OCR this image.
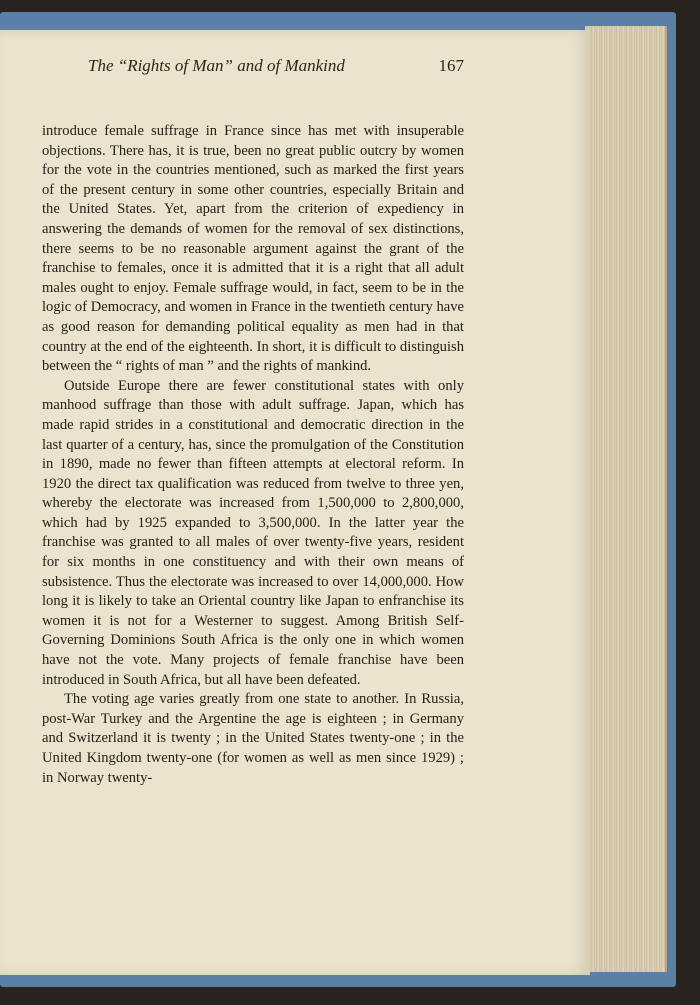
The “Rights of Man” and of Mankind	167

introduce female suffrage in France since has met with insuperable objections. There has, it is true, been no great public outcry by women for the vote in the countries mentioned, such as marked the first years of the present century in some other countries, especially Britain and the United States. Yet, apart from the criterion of expediency in answering the demands of women for the removal of sex distinctions, there seems to be no reasonable argument against the grant of the franchise to females, once it is admitted that it is a right that all adult males ought to enjoy. Female suffrage would, in fact, seem to be in the logic of Democracy, and women in France in the twentieth century have as good reason for demanding political equality as men had in that country at the end of the eighteenth. In short, it is difficult to distinguish between the “ rights of man ” and the rights of mankind.

Outside Europe there are fewer constitutional states with only manhood suffrage than those with adult suffrage. Japan, which has made rapid strides in a constitutional and democratic direction in the last quarter of a century, has, since the promulgation of the Constitution in 1890, made no fewer than fifteen attempts at electoral reform. In 1920 the direct tax qualification was reduced from twelve to three yen, whereby the electorate was increased from 1,500,000 to 2,800,000, which had by 1925 expanded to 3,500,000. In the latter year the franchise was granted to all males of over twenty-five years, resident for six months in one constituency and with their own means of subsistence. Thus the electorate was increased to over 14,000,000. How long it is likely to take an Oriental country like Japan to enfranchise its women it is not for a Westerner to suggest. Among British Self-Governing Dominions South Africa is the only one in which women have not the vote. Many projects of female franchise have been introduced in South Africa, but all have been defeated.

The voting age varies greatly from one state to another. In Russia, post-War Turkey and the Argentine the age is eighteen ; in Germany and Switzerland it is twenty ; in the United States twenty-one ; in the United Kingdom twenty-one (for women as well as men since 1929) ; in Norway twenty-
